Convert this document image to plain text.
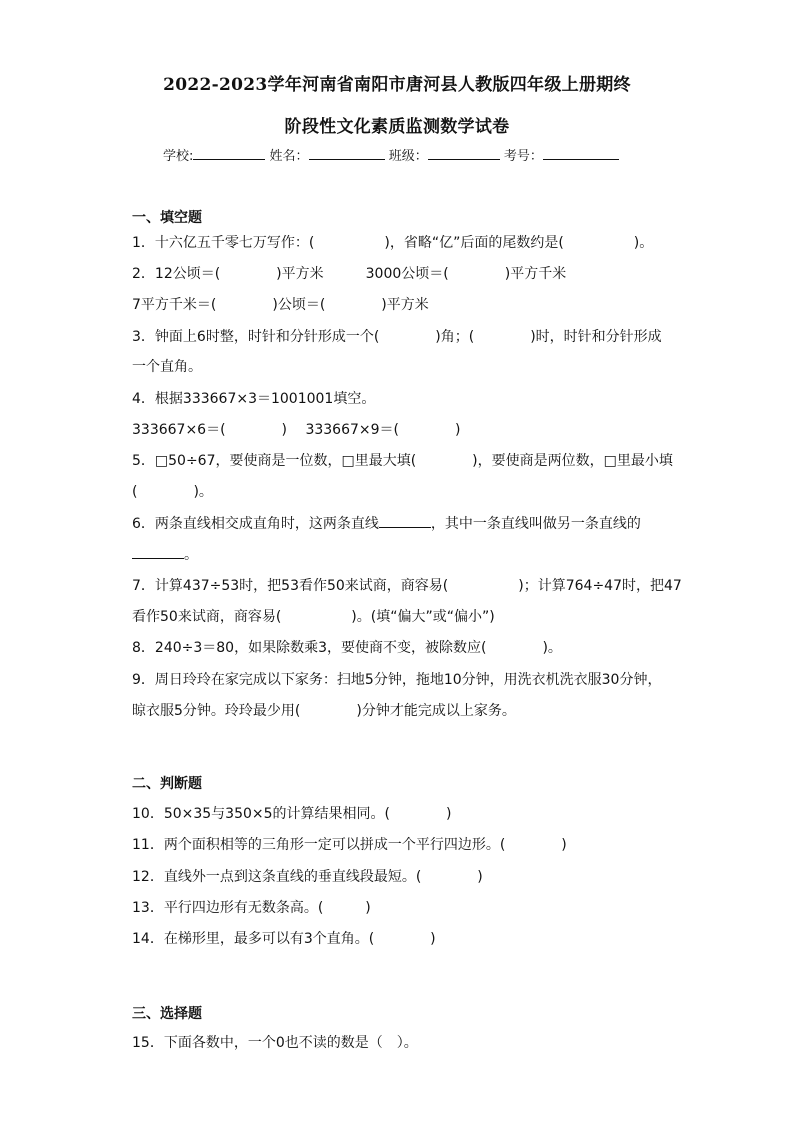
2022-2023学年河南省南阳市唐河县人教版四年级上册期终
阶段性文化素质监测数学试卷
学校:	姓名：	班级：	考号：
一、填空题
1．十六亿五千零七万写作：(　　　　　)，省略“亿”后面的尾数约是(　　　　　)。
2．12公顷＝(　　　　)平方米　　　3000公顷＝(　　　　)平方千米
7平方千米＝(　　　　)公顷＝(　　　　)平方米
3．钟面上6时整，时针和分针形成一个(　　　　)角；(　　　　)时，时针和分针形成
一个直角。
4．根据333667×3＝1001001填空。
333667×6＝(　　　　)　 333667×9＝(　　　　)
5．□50÷67，要使商是一位数，□里最大填(　　　　)，要使商是两位数，□里最小填
(　　　　)。
6．两条直线相交成直角时，这两条直线	，其中一条直线叫做另一条直线的
。
7．计算437÷53时，把53看作50来试商，商容易(　　　　　)；计算764÷47时，把47
看作50来试商，商容易(　　　　　)。(填“偏大”或“偏小”)
8．240÷3＝80，如果除数乘3，要使商不变，被除数应(　　　　)。
9．周日玲玲在家完成以下家务：扫地5分钟，拖地10分钟，用洗衣机洗衣服30分钟，
晾衣服5分钟。玲玲最少用(　　　　)分钟才能完成以上家务。
二、判断题
10．50×35与350×5的计算结果相同。(　　　　)
11．两个面积相等的三角形一定可以拼成一个平行四边形。(　　　　)
12．直线外一点到这条直线的垂直线段最短。(　　　　)
13．平行四边形有无数条高。(　　　)
14．在梯形里，最多可以有3个直角。(　　　　)
三、选择题
15．下面各数中，一个0也不读的数是（　）。
